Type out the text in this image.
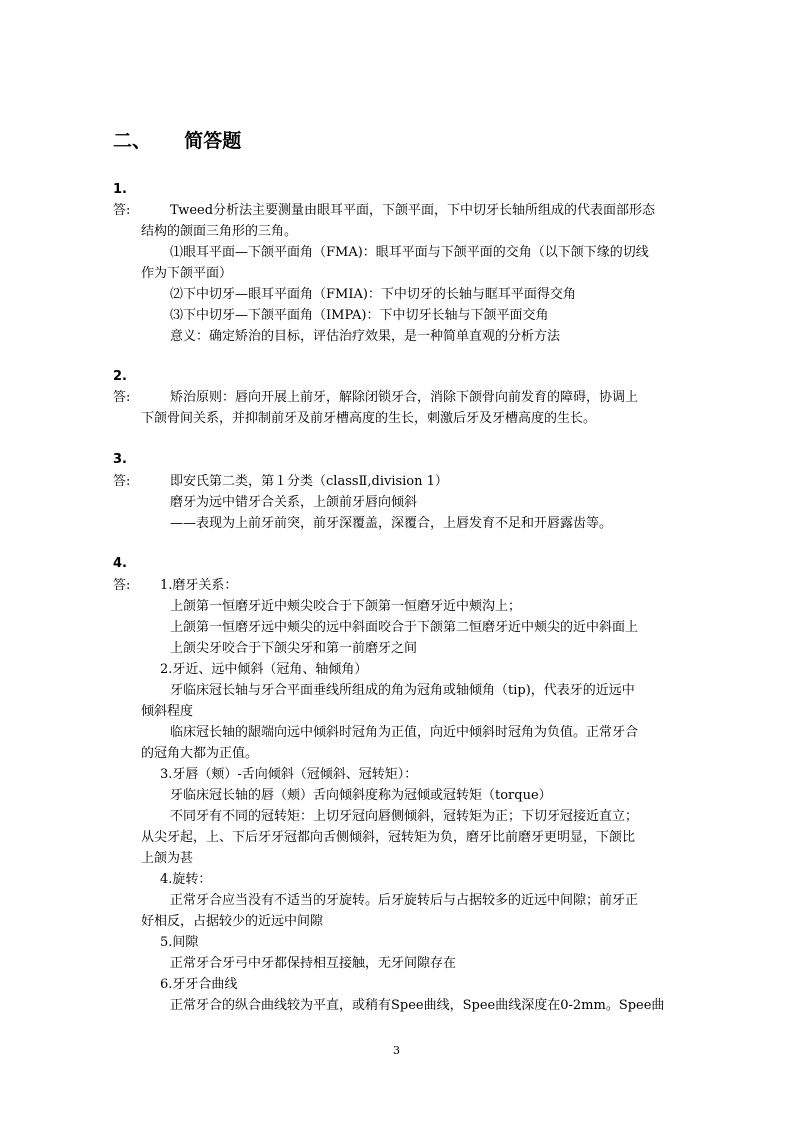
二、 简答题
1.
答:	Tweed分析法主要测量由眼耳平面，下颌平面，下中切牙长轴所组成的代表面部形态
结构的颌面三角形的三角。
⑴眼耳平面—下颌平面角（FMA)：眼耳平面与下颌平面的交角（以下颌下缘的切线
作为下颌平面）
⑵下中切牙—眼耳平面角（FMIA)：下中切牙的长轴与眶耳平面得交角
⑶下中切牙—下颌平面角（IMPA)：下中切牙长轴与下颌平面交角
意义：确定矫治的目标，评估治疗效果，是一种简单直观的分析方法
2.
答:	矫治原则：唇向开展上前牙，解除闭锁牙合，消除下颌骨向前发育的障碍，协调上
下颌骨间关系，并抑制前牙及前牙槽高度的生长，刺激后牙及牙槽高度的生长。
3.
答:	即安氏第二类，第１分类（classⅡ,division 1）
磨牙为远中错牙合关系，上颌前牙唇向倾斜
——表现为上前牙前突，前牙深覆盖，深覆合，上唇发育不足和开唇露齿等。
4.
答: 1.磨牙关系：
上颌第一恒磨牙近中颊尖咬合于下颌第一恒磨牙近中颊沟上；
上颌第一恒磨牙远中颊尖的远中斜面咬合于下颌第二恒磨牙近中颊尖的近中斜面上
上颌尖牙咬合于下颌尖牙和第一前磨牙之间
2.牙近、远中倾斜（冠角、轴倾角）
牙临床冠长轴与牙合平面垂线所组成的角为冠角或轴倾角（tip)，代表牙的近远中
倾斜程度
临床冠长轴的龈端向远中倾斜时冠角为正值，向近中倾斜时冠角为负值。正常牙合
的冠角大都为正值。
3.牙唇（颊）-舌向倾斜（冠倾斜、冠转矩）：
牙临床冠长轴的唇（颊）舌向倾斜度称为冠倾或冠转矩（torque）
不同牙有不同的冠转矩：上切牙冠向唇侧倾斜，冠转矩为正；下切牙冠接近直立；
从尖牙起，上、下后牙牙冠都向舌侧倾斜，冠转矩为负，磨牙比前磨牙更明显，下颌比
上颌为甚
4.旋转：
正常牙合应当没有不适当的牙旋转。后牙旋转后与占据较多的近远中间隙；前牙正
好相反，占据较少的近远中间隙
5.间隙
正常牙合牙弓中牙都保持相互接触，无牙间隙存在
6.牙牙合曲线
正常牙合的纵合曲线较为平直，或稍有Spee曲线，Spee曲线深度在0-2mm。Spee曲
3
